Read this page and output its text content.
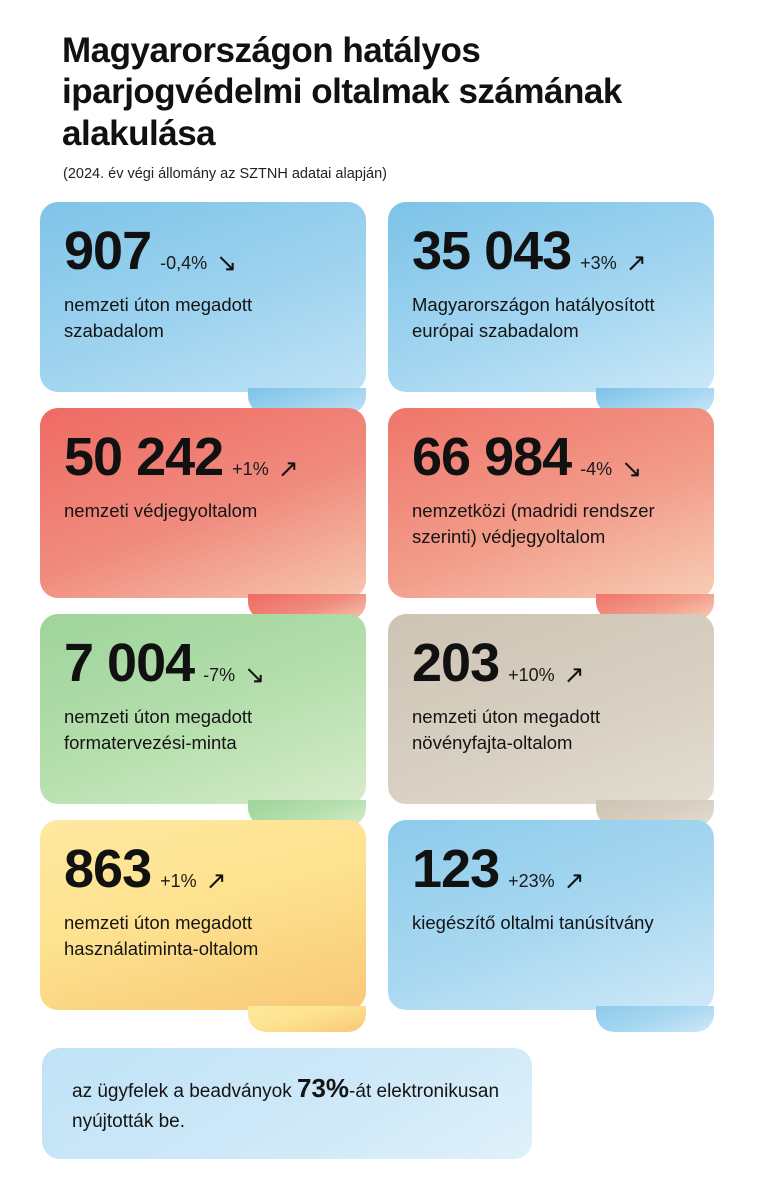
Magyarországon hatályos iparjogvédelmi oltalmak számának alakulása
(2024. év végi állomány az SZTNH adatai alapján)
907 -0,4% ↘
nemzeti úton megadott szabadalom
35 043 +3% ↗
Magyarországon hatályosított európai szabadalom
50 242 +1% ↗
nemzeti védjegyoltalom
66 984 -4% ↘
nemzetközi (madridi rendszer szerinti) védjegyoltalom
7 004 -7% ↘
nemzeti úton megadott formatervezési-minta
203 +10% ↗
nemzeti úton megadott növényfajta-oltalom
863 +1% ↗
nemzeti úton megadott használatiminta-oltalom
123 +23% ↗
kiegészítő oltalmi tanúsítvány
az ügyfelek a beadványok 73%-át elektronikusan nyújtották be.
